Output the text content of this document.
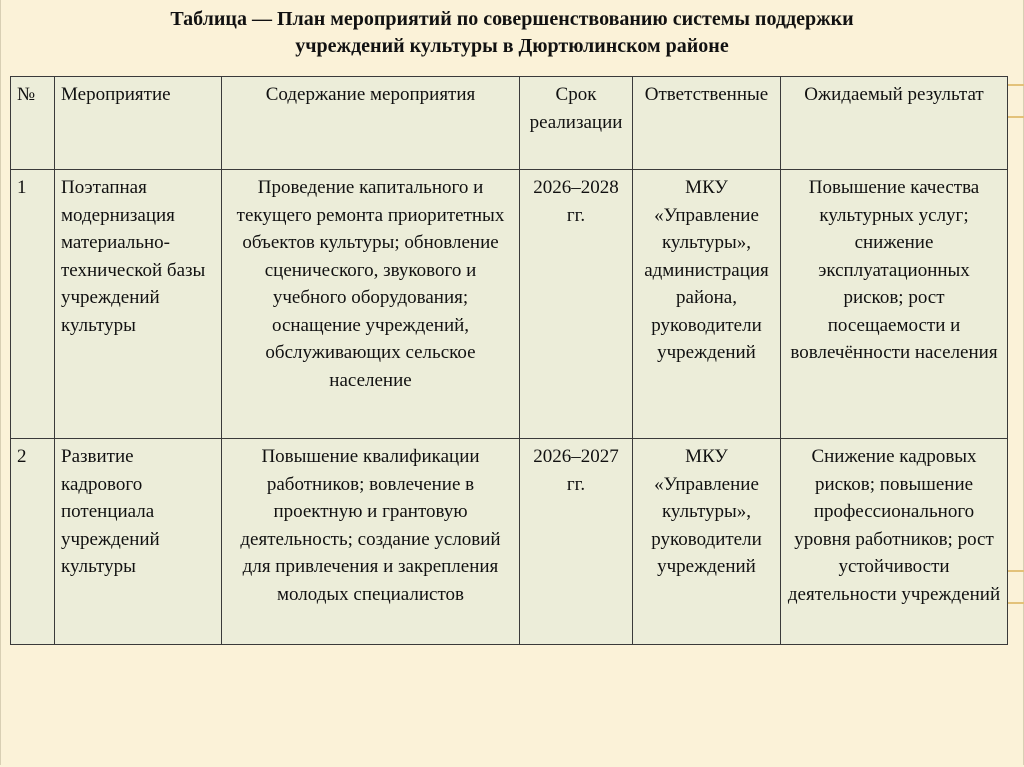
Таблица — План мероприятий по совершенствованию системы поддержки
учреждений культуры в Дюртюлинском районе
№	Мероприятие	Содержание мероприятия	Срок реализации	Ответственные	Ожидаемый результат
1	Поэтапная модернизация материально-технической базы учреждений культуры	Проведение капитального и текущего ремонта приоритетных объектов культуры; обновление сценического, звукового и учебного оборудования; оснащение учреждений, обслуживающих сельское население	2026–2028 гг.	МКУ «Управление культуры», администрация района, руководители учреждений	Повышение качества культурных услуг; снижение эксплуатационных рисков; рост посещаемости и вовлечённости населения
2	Развитие кадрового потенциала учреждений культуры	Повышение квалификации работников; вовлечение в проектную и грантовую деятельность; создание условий для привлечения и закрепления молодых специалистов	2026–2027 гг.	МКУ «Управление культуры», руководители учреждений	Снижение кадровых рисков; повышение профессионального уровня работников; рост устойчивости деятельности учреждений
